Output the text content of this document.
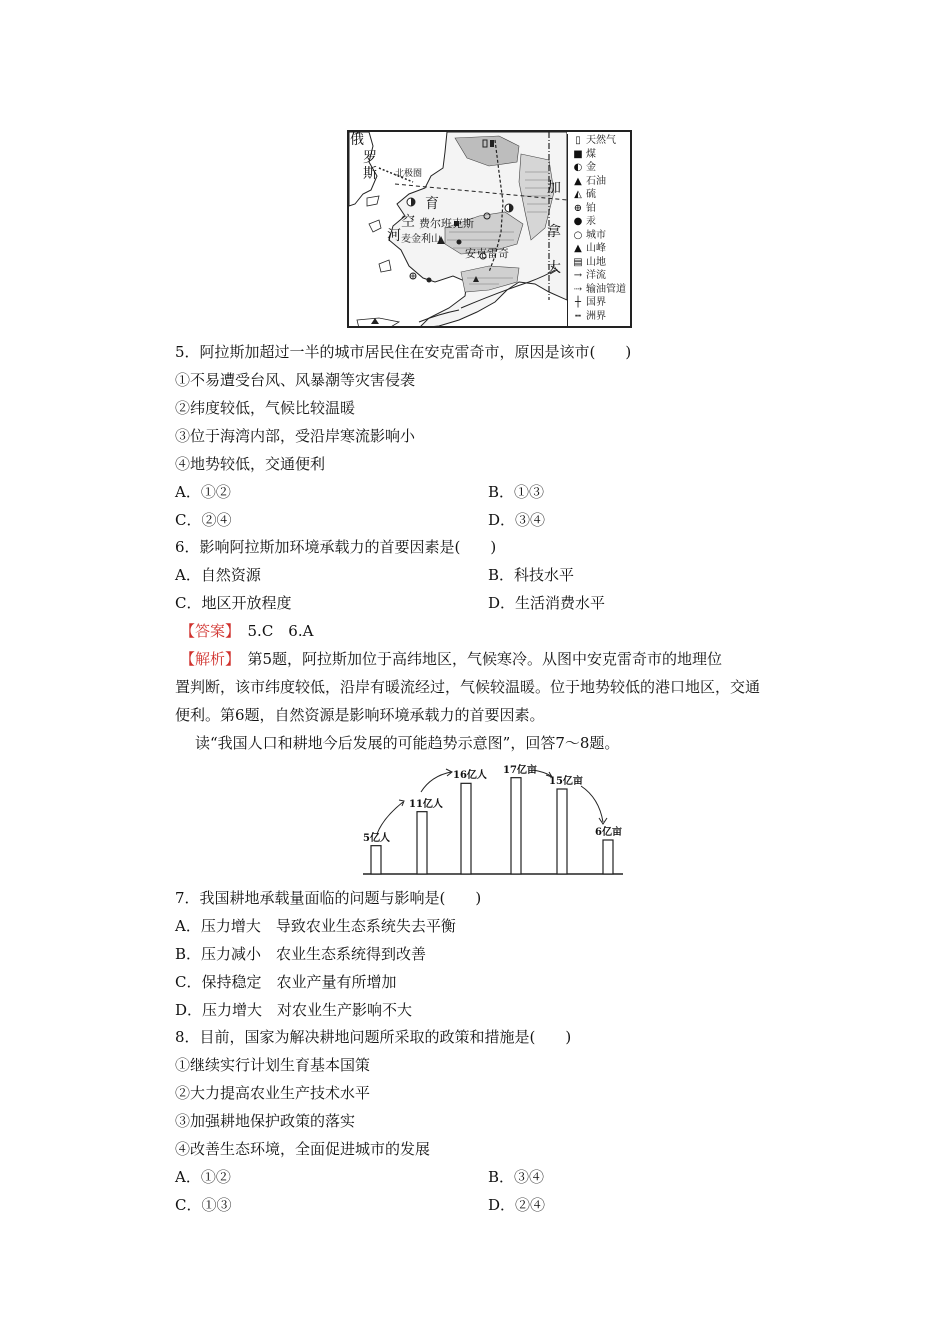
俄
罗
斯 北极圈
育
空
河
费尔班克斯
麦金利山
安克雷奇
加
拿
大
▯ 天然气
■ 煤
◐ 金
▲ 石油
◭ 硫
⊕ 铂
● 汞
○ 城市
▲ 山峰
▤ 山地
→ 洋流
⇢ 输油管道
┼ 国界
┅ 洲界
5．阿拉斯加超过一半的城市居民住在安克雷奇市，原因是该市(　　)
①不易遭受台风、风暴潮等灾害侵袭
②纬度较低，气候比较温暖
③位于海湾内部，受沿岸寒流影响小
④地势较低，交通便利
A．①②	B．①③
C．②④	D．③④
6．影响阿拉斯加环境承载力的首要因素是(　　)
A．自然资源	B．科技水平
C．地区开放程度	D．生活消费水平
【答案】　5.C　6.A
【解析】　第5题，阿拉斯加位于高纬地区，气候寒冷。从图中安克雷奇市的地理位
置判断，该市纬度较低，沿岸有暖流经过，气候较温暖。位于地势较低的港口地区，交通
便利。第6题，自然资源是影响环境承载力的首要因素。
读“我国人口和耕地今后发展的可能趋势示意图”，回答7～8题。
5亿人
11亿人
16亿人
17亿亩
15亿亩
6亿亩
7．我国耕地承载量面临的问题与影响是(　　)
A．压力增大　导致农业生态系统失去平衡
B．压力减小　农业生态系统得到改善
C．保持稳定　农业产量有所增加
D．压力增大　对农业生产影响不大
8．目前，国家为解决耕地问题所采取的政策和措施是(　　)
①继续实行计划生育基本国策
②大力提高农业生产技术水平
③加强耕地保护政策的落实
④改善生态环境，全面促进城市的发展
A．①②	B．③④
C．①③	D．②④
